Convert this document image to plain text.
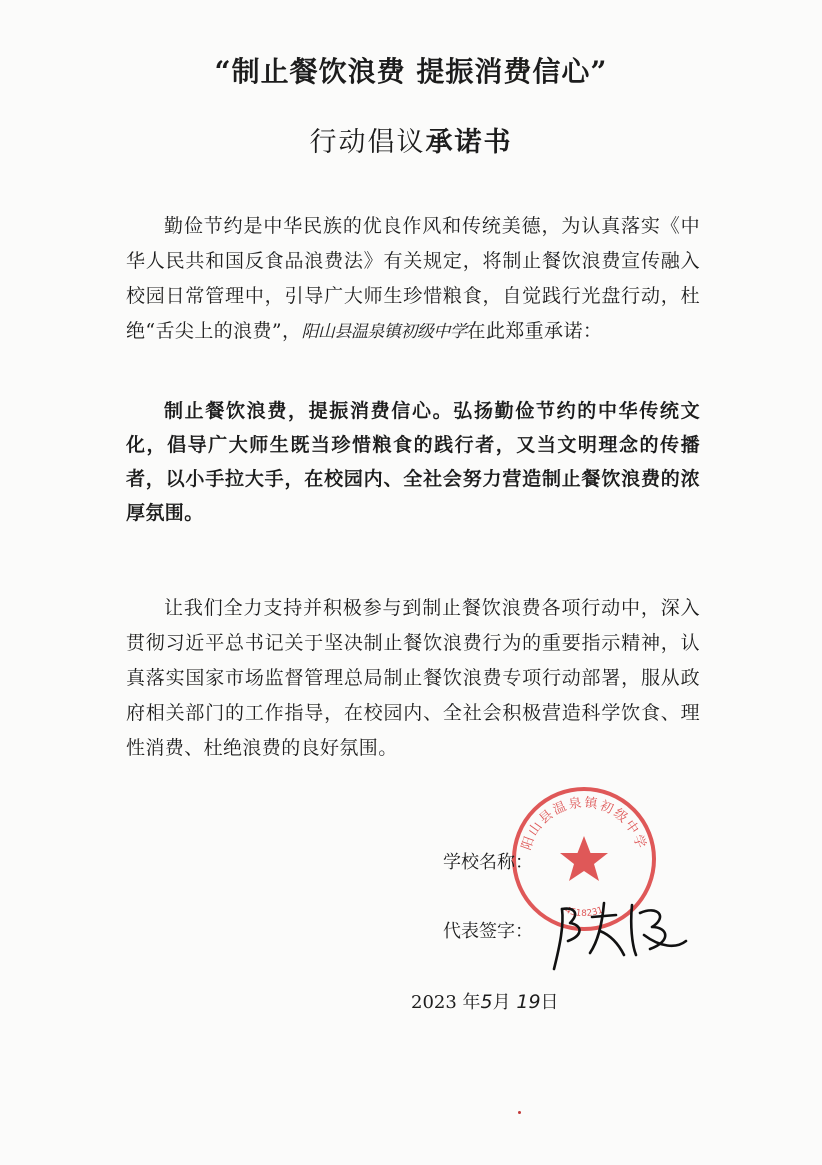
“制止餐饮浪费 提振消费信心”
行动倡议承诺书
勤俭节约是中华民族的优良作风和传统美德，为认真落实《中华人民共和国反食品浪费法》有关规定，将制止餐饮浪费宣传融入校园日常管理中，引导广大师生珍惜粮食，自觉践行光盘行动，杜绝“舌尖上的浪费”，阳山县温泉镇初级中学在此郑重承诺：
制止餐饮浪费，提振消费信心。弘扬勤俭节约的中华传统文化，倡导广大师生既当珍惜粮食的践行者，又当文明理念的传播者，以小手拉大手，在校园内、全社会努力营造制止餐饮浪费的浓厚氛围。
让我们全力支持并积极参与到制止餐饮浪费各项行动中，深入贯彻习近平总书记关于坚决制止餐饮浪费行为的重要指示精神，认真落实国家市场监督管理总局制止餐饮浪费专项行动部署，服从政府相关部门的工作指导，在校园内、全社会积极营造科学饮食、理性消费、杜绝浪费的良好氛围。
阳山县温泉镇初级中学
4518231
学校名称：
代表签字：
2023 年5月 19日
